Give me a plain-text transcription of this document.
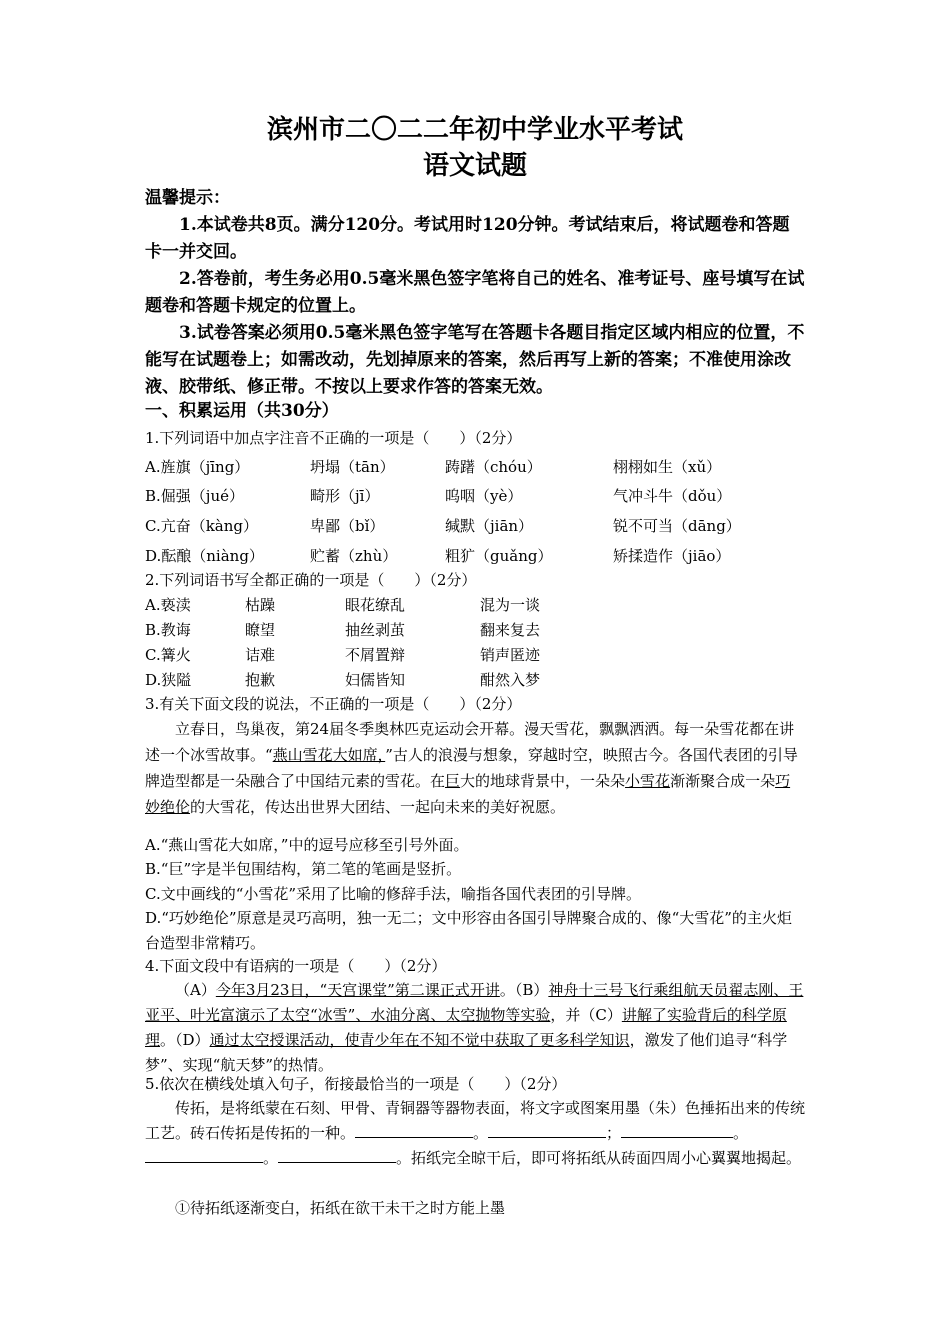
滨州市二〇二二年初中学业水平考试
语文试题
温馨提示：
1.本试卷共8页。满分120分。考试用时120分钟。考试结束后，将试题卷和答题卡一并交回。
2.答卷前，考生务必用0.5毫米黑色签字笔将自己的姓名、准考证号、座号填写在试题卷和答题卡规定的位置上。
3.试卷答案必须用0.5毫米黑色签字笔写在答题卡各题目指定区域内相应的位置，不能写在试题卷上；如需改动，先划掉原来的答案，然后再写上新的答案；不准使用涂改液、胶带纸、修正带。不按以上要求作答的答案无效。
一、积累运用（共30分）
1.下列词语中加点字注音不正确的一项是（　　）（2分）
A.旌旗（jīng）	坍塌（tān）	踌躇（chóu）	栩栩如生（xǔ）
B.倔强（jué）	畸形（jī）	呜咽（yè）	气冲斗牛（dǒu）
C.亢奋（kàng）	卑鄙（bǐ）	缄默（jiān）	锐不可当（dāng）
D.酝酿（niàng）	贮蓄（zhù）	粗犷（guǎng）	矫揉造作（jiāo）
2.下列词语书写全都正确的一项是（　　）（2分）
A.亵渎	枯躁	眼花缭乱	混为一谈
B.教诲	瞭望	抽丝剥茧	翻来复去
C.篝火	诘难	不屑置辩	销声匿迹
D.狭隘	抱歉	妇儒皆知	酣然入梦
3.有关下面文段的说法，不正确的一项是（　　）（2分）
立春日，鸟巢夜，第24届冬季奥林匹克运动会开幕。漫天雪花，飘飘洒洒。每一朵雪花都在讲述一个冰雪故事。“燕山雪花大如席，”古人的浪漫与想象，穿越时空，映照古今。各国代表团的引导牌造型都是一朵融合了中国结元素的雪花。在巨大的地球背景中，一朵朵小雪花渐渐聚合成一朵巧妙绝伦的大雪花，传达出世界大团结、一起向未来的美好祝愿。
A.“燕山雪花大如席，”中的逗号应移至引号外面。
B.“巨”字是半包围结构，第二笔的笔画是竖折。
C.文中画线的“小雪花”采用了比喻的修辞手法，喻指各国代表团的引导牌。
D.“巧妙绝伦”原意是灵巧高明，独一无二；文中形容由各国引导牌聚合成的、像“大雪花”的主火炬台造型非常精巧。
4.下面文段中有语病的一项是（　　）（2分）
（A）今年3月23日，“天宫课堂”第二课正式开讲。（B）神舟十三号飞行乘组航天员翟志刚、王亚平、叶光富演示了太空“冰雪”、水油分离、太空抛物等实验，并（C）讲解了实验背后的科学原理。（D）通过太空授课活动，使青少年在不知不觉中获取了更多科学知识，激发了他们追寻“科学梦”、实现“航天梦”的热情。
5.依次在横线处填入句子，衔接最恰当的一项是（　　）（2分）
传拓，是将纸蒙在石刻、甲骨、青铜器等器物表面，将文字或图案用墨（朱）色捶拓出来的传统工艺。砖石传拓是传拓的一种。	。	；	。。	。拓纸完全晾干后，即可将拓纸从砖面四周小心翼翼地揭起。
①待拓纸逐渐变白，拓纸在欲干未干之时方能上墨
